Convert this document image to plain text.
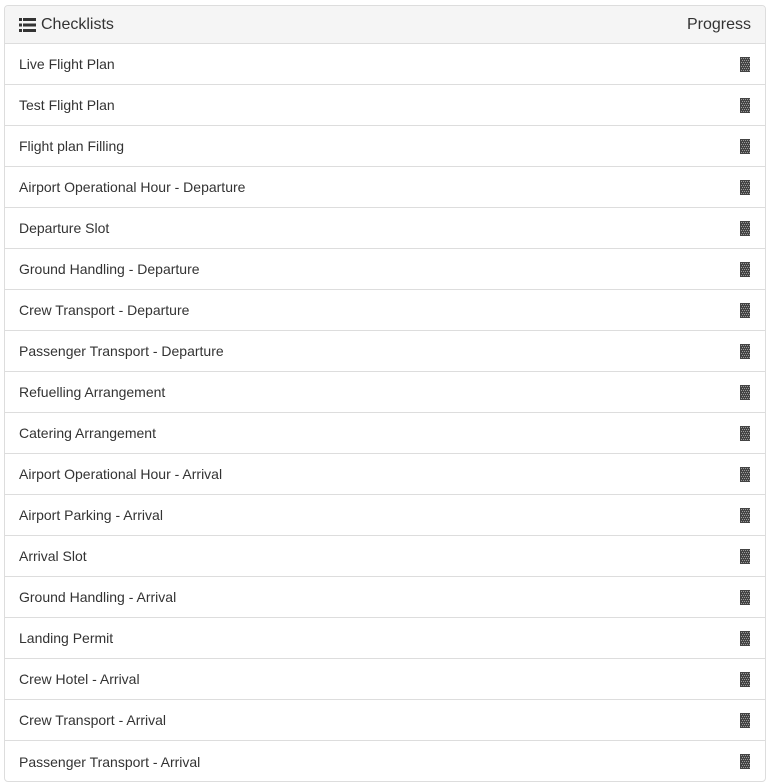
Checklists	Progress
Live Flight Plan
Test Flight Plan
Flight plan Filling
Airport Operational Hour - Departure
Departure Slot
Ground Handling - Departure
Crew Transport - Departure
Passenger Transport - Departure
Refuelling Arrangement
Catering Arrangement
Airport Operational Hour - Arrival
Airport Parking - Arrival
Arrival Slot
Ground Handling - Arrival
Landing Permit
Crew Hotel - Arrival
Crew Transport - Arrival
Passenger Transport - Arrival
